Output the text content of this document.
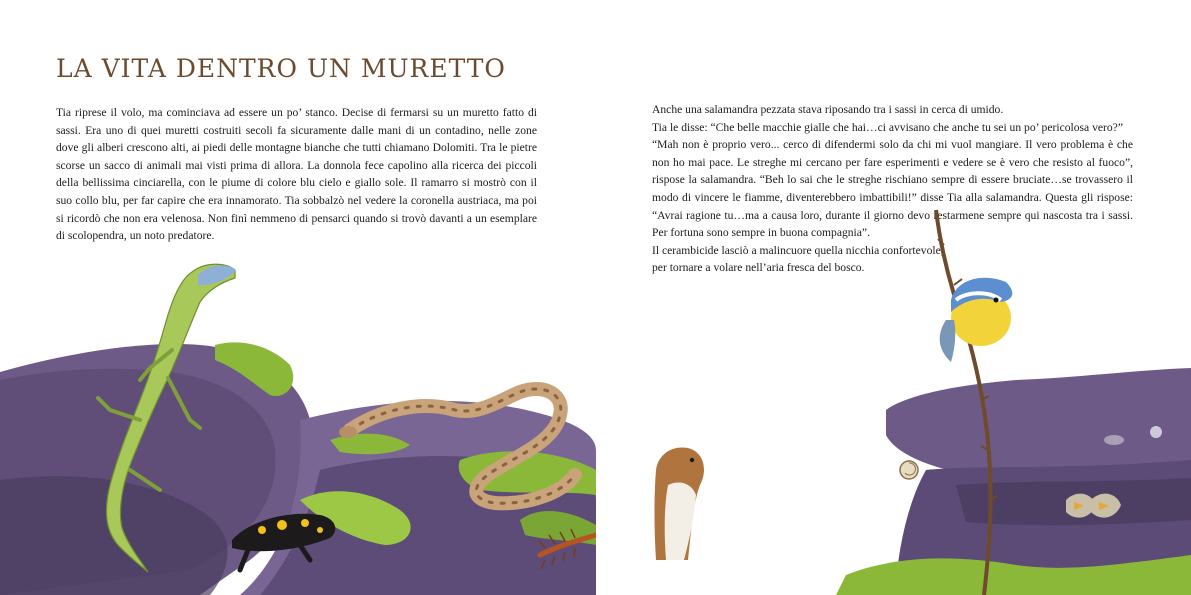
LA VITA DENTRO UN MURETTO

Tia riprese il volo, ma cominciava ad essere un po’ stanco. Decise di fermarsi su un muretto fatto di sassi. Era uno di quei muretti costruiti secoli fa sicuramente dalle mani di un contadino, nelle zone dove gli alberi crescono alti, ai piedi delle montagne bianche che tutti chiamano Dolomiti. Tra le pietre scorse un sacco di animali mai visti prima di allora. La donnola fece capolino alla ricerca dei piccoli della bellissima cinciarella, con le piume di colore blu cielo e giallo sole. Il ramarro si mostrò con il suo collo blu, per far capire che era innamorato. Tia sobbalzò nel vedere la coronella austriaca, ma poi si ricordò che non era velenosa. Non finì nemmeno di pensarci quando si trovò davanti a un esemplare di scolopendra, un noto predatore.

Anche una salamandra pezzata stava riposando tra i sassi in cerca di umido.
Tia le disse: “Che belle macchie gialle che hai…ci avvisano che anche tu sei un po’ pericolosa vero?”
“Mah non è proprio vero... cerco di difendermi solo da chi mi vuol mangiare. Il vero problema è che non ho mai pace. Le streghe mi cercano per fare esperimenti e vedere se è vero che resisto al fuoco”, rispose la salamandra. “Beh lo sai che le streghe rischiano sempre di essere bruciate…se trovassero il modo di vincere le fiamme, diventerebbero imbattibili!” disse Tia alla salamandra. Questa gli rispose: “Avrai ragione tu…ma a causa loro, durante il giorno devo restarmene sempre qui nascosta tra i sassi. Per fortuna sono sempre in buona compagnia”.
Il cerambicide lasciò a malincuore quella nicchia confortevole,
per tornare a volare nell’aria fresca del bosco.
